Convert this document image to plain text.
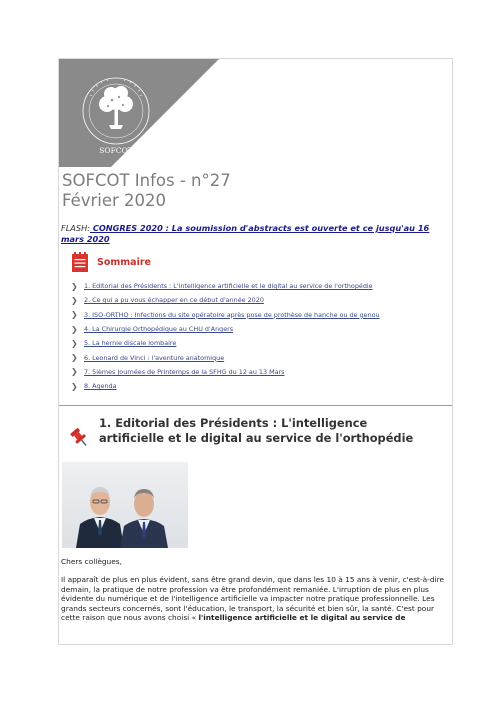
SOFCOT
SOFCOT Infos - n°27
Février 2020
FLASH: CONGRES 2020 : La soumission d'abstracts est ouverte et ce jusqu'au 16 mars 2020
Sommaire
❯ 1. Editorial des Présidents : L'intelligence artificielle et le digital au service de l'orthopédie
❯ 2. Ce qui a pu vous échapper en ce début d'année 2020
❯ 3. ISO-ORTHO : Infections du site opératoire après pose de prothèse de hanche ou de genou
❯ 4. La Chirurgie Orthopédique au CHU d'Angers
❯ 5. La hernie discale lombaire
❯ 6. Leonard de Vinci : l'aventure anatomique
❯ 7. 5ièmes Journées de Printemps de la SFHG du 12 au 13 Mars
❯ 8. Agenda
1. Editorial des Présidents : L'intelligence artificielle et le digital au service de l'orthopédie

Chers collègues,

Il apparaît de plus en plus évident, sans être grand devin, que dans les 10 à 15 ans à venir, c'est-à-dire demain, la pratique de notre profession va être profondément remaniée. L'irruption de plus en plus évidente du numérique et de l'intelligence artificielle va impacter notre pratique professionnelle. Les grands secteurs concernés, sont l'éducation, le transport, la sécurité et bien sûr, la santé. C'est pour cette raison que nous avons choisi « l'intelligence artificielle et le digital au service de
